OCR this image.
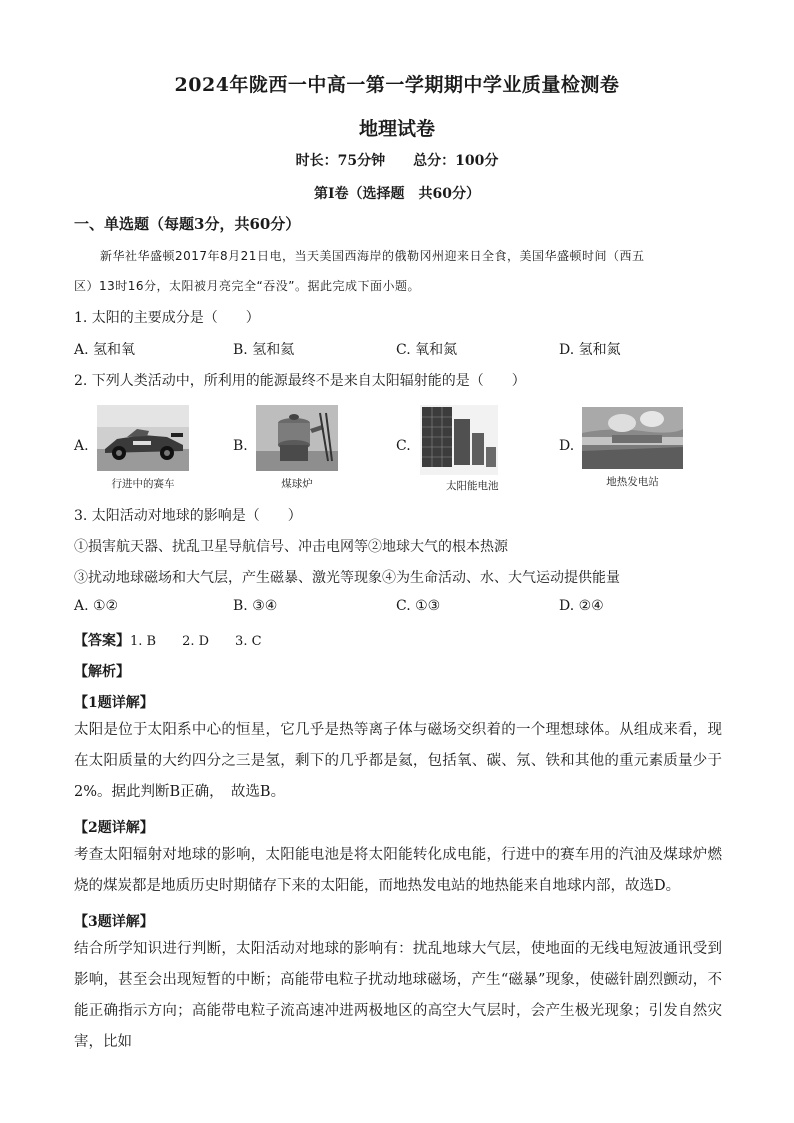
2024年陇西一中高一第一学期期中学业质量检测卷
地理试卷
时长：75分钟　　总分：100分
第Ⅰ卷（选择题　共60分）
一、单选题（每题3分，共60分）
新华社华盛顿2017年8月21日电，当天美国西海岸的俄勒冈州迎来日全食，美国华盛顿时间（西五
区）13时16分，太阳被月亮完全“吞没”。据此完成下面小题。
1. 太阳的主要成分是（　　）
A. 氢和氧	B. 氢和氦	C. 氧和氮	D. 氢和氮
2. 下列人类活动中，所利用的能源最终不是来自太阳辐射能的是（　　）
A.
行进中的赛车
B.
煤球炉
C.
太阳能电池
D.
地热发电站
3. 太阳活动对地球的影响是（　　）
①损害航天器、扰乱卫星导航信号、冲击电网等②地球大气的根本热源
③扰动地球磁场和大气层，产生磁暴、激光等现象④为生命活动、水、大气运动提供能量
A. ①②	B. ③④	C. ①③	D. ②④
【答案】1. B　　2. D　　3. C
【解析】
【1题详解】
太阳是位于太阳系中心的恒星，它几乎是热等离子体与磁场交织着的一个理想球体。从组成来看，现在太阳质量的大约四分之三是氢，剩下的几乎都是氦，包括氧、碳、氖、铁和其他的重元素质量少于2%。据此判断B正确，　故选B。
【2题详解】
考查太阳辐射对地球的影响，太阳能电池是将太阳能转化成电能，行进中的赛车用的汽油及煤球炉燃烧的煤炭都是地质历史时期储存下来的太阳能，而地热发电站的地热能来自地球内部，故选D。
【3题详解】
结合所学知识进行判断，太阳活动对地球的影响有：扰乱地球大气层，使地面的无线电短波通讯受到影响，甚至会出现短暂的中断；高能带电粒子扰动地球磁场，产生“磁暴”现象，使磁针剧烈颤动，不能正确指示方向；高能带电粒子流高速冲进两极地区的高空大气层时，会产生极光现象；引发自然灾害，比如
